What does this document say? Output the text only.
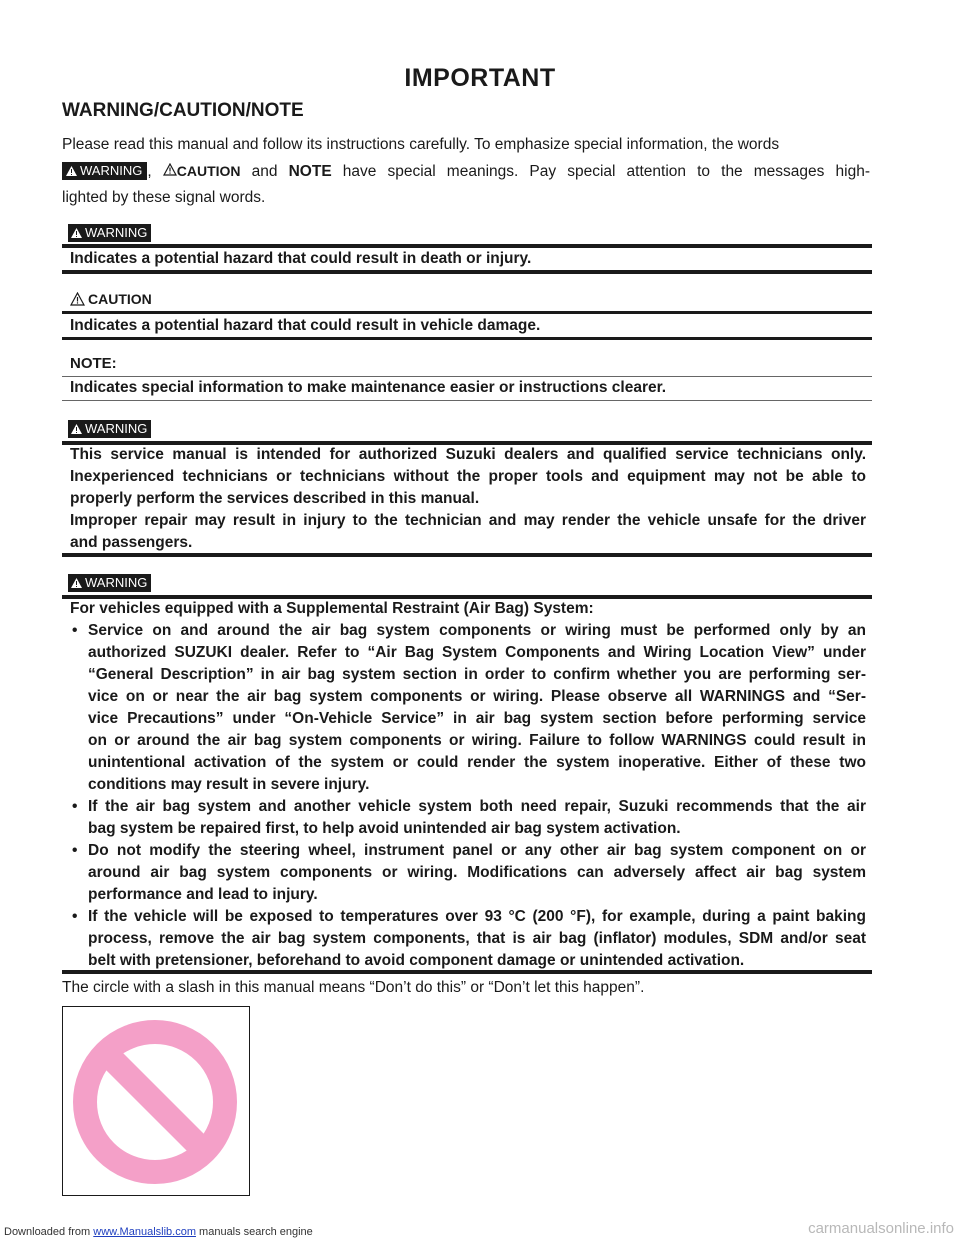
IMPORTANT
WARNING/CAUTION/NOTE
Please read this manual and follow its instructions carefully. To emphasize special information, the words
WARNING , CAUTION and NOTE have special meanings. Pay special attention to the messages high-
lighted by these signal words.
WARNING

Indicates a potential hazard that could result in death or injury.

CAUTION

Indicates a potential hazard that could result in vehicle damage.

NOTE:

Indicates special information to make maintenance easier or instructions clearer.

WARNING
This service manual is intended for authorized Suzuki dealers and qualified service technicians only.
Inexperienced technicians or technicians without the proper tools and equipment may not be able to
properly perform the services described in this manual.
Improper repair may result in injury to the technician and may render the vehicle unsafe for the driver
and passengers.
WARNING
For vehicles equipped with a Supplemental Restraint (Air Bag) System:
• Service on and around the air bag system components or wiring must be performed only by an
authorized SUZUKI dealer. Refer to “Air Bag System Components and Wiring Location View” under
“General Description” in air bag system section in order to confirm whether you are performing ser-
vice on or near the air bag system components or wiring. Please observe all WARNINGS and “Ser-
vice Precautions” under “On-Vehicle Service” in air bag system section before performing service
on or around the air bag system components or wiring. Failure to follow WARNINGS could result in
unintentional activation of the system or could render the system inoperative. Either of these two
conditions may result in severe injury.
• If the air bag system and another vehicle system both need repair, Suzuki recommends that the air
bag system be repaired first, to help avoid unintended air bag system activation.
• Do not modify the steering wheel, instrument panel or any other air bag system component on or
around air bag system components or wiring. Modifications can adversely affect air bag system
performance and lead to injury.
• If the vehicle will be exposed to temperatures over 93 °C (200 °F), for example, during a paint baking
process, remove the air bag system components, that is air bag (inflator) modules, SDM and/or seat
belt with pretensioner, beforehand to avoid component damage or unintended activation.

The circle with a slash in this manual means “Don’t do this” or “Don’t let this happen”.

Downloaded from www.Manualslib.com manuals search engine	carmanualsonline.info
